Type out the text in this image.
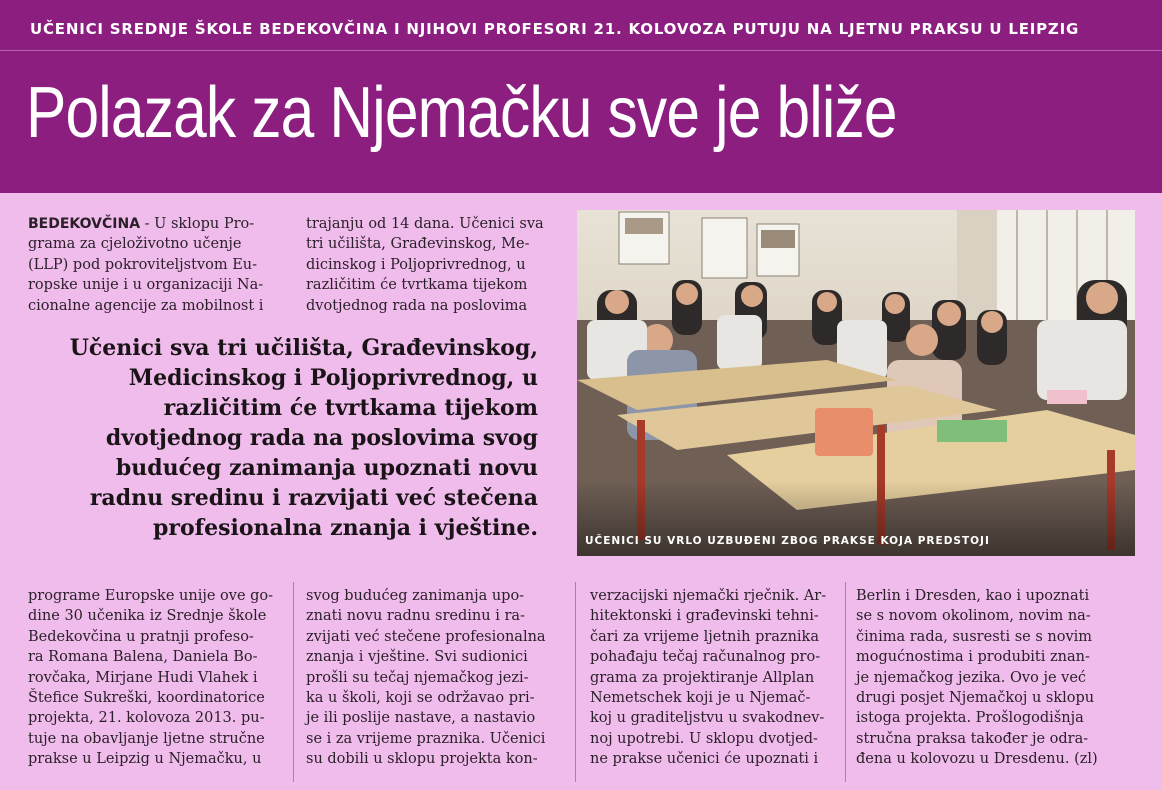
UČENICI SREDNJE ŠKOLE BEDEKOVČINA I NJIHOVI PROFESORI 21. KOLOVOZA PUTUJU NA LJETNU PRAKSU U LEIPZIG
Polazak za Njemačku sve je bliže
BEDEKOVČINA - U sklopu Pro-
grama za cjeloživotno učenje
(LLP) pod pokroviteljstvom Eu-
ropske unije i u organizaciji Na-
cionalne agencije za mobilnost i
trajanju od 14 dana. Učenici sva
tri učilišta, Građevinskog, Me-
dicinskog i Poljoprivrednog, u
različitim će tvrtkama tijekom
dvotjednog rada na poslovima
Učenici sva tri učilišta, Građevinskog,
Medicinskog i Poljoprivrednog, u
različitim će tvrtkama tijekom
dvotjednog rada na poslovima svog
budućeg zanimanja upoznati novu
radnu sredinu i razvijati već stečena
profesionalna znanja i vještine.	UČENICI SU VRLO UZBUĐENI ZBOG PRAKSE KOJA PREDSTOJI
programe Europske unije ove go-
dine 30 učenika iz Srednje škole
Bedekovčina u pratnji profeso-
ra Romana Balena, Daniela Bo-
rovčaka, Mirjane Hudi Vlahek i
Štefice Sukreški, koordinatorice
projekta, 21. kolovoza 2013. pu-
tuje na obavljanje ljetne stručne
prakse u Leipzig u Njemačku, u
svog budućeg zanimanja upo-
znati novu radnu sredinu i ra-
zvijati već stečene profesionalna
znanja i vještine. Svi sudionici
prošli su tečaj njemačkog jezi-
ka u školi, koji se održavao pri-
je ili poslije nastave, a nastavio
se i za vrijeme praznika. Učenici
su dobili u sklopu projekta kon-
verzacijski njemački rječnik. Ar-
hitektonski i građevinski tehni-
čari za vrijeme ljetnih praznika
pohađaju tečaj računalnog pro-
grama za projektiranje Allplan
Nemetschek koji je u Njemač-
koj u graditeljstvu u svakodnev-
noj upotrebi. U sklopu dvotjed-
ne prakse učenici će upoznati i
Berlin i Dresden, kao i upoznati
se s novom okolinom, novim na-
činima rada, susresti se s novim
mogućnostima i produbiti znan-
je njemačkog jezika. Ovo je već
drugi posjet Njemačkoj u sklopu
istoga projekta. Prošlogodišnja
stručna praksa također je odra-
đena u kolovozu u Dresdenu. (zl)
